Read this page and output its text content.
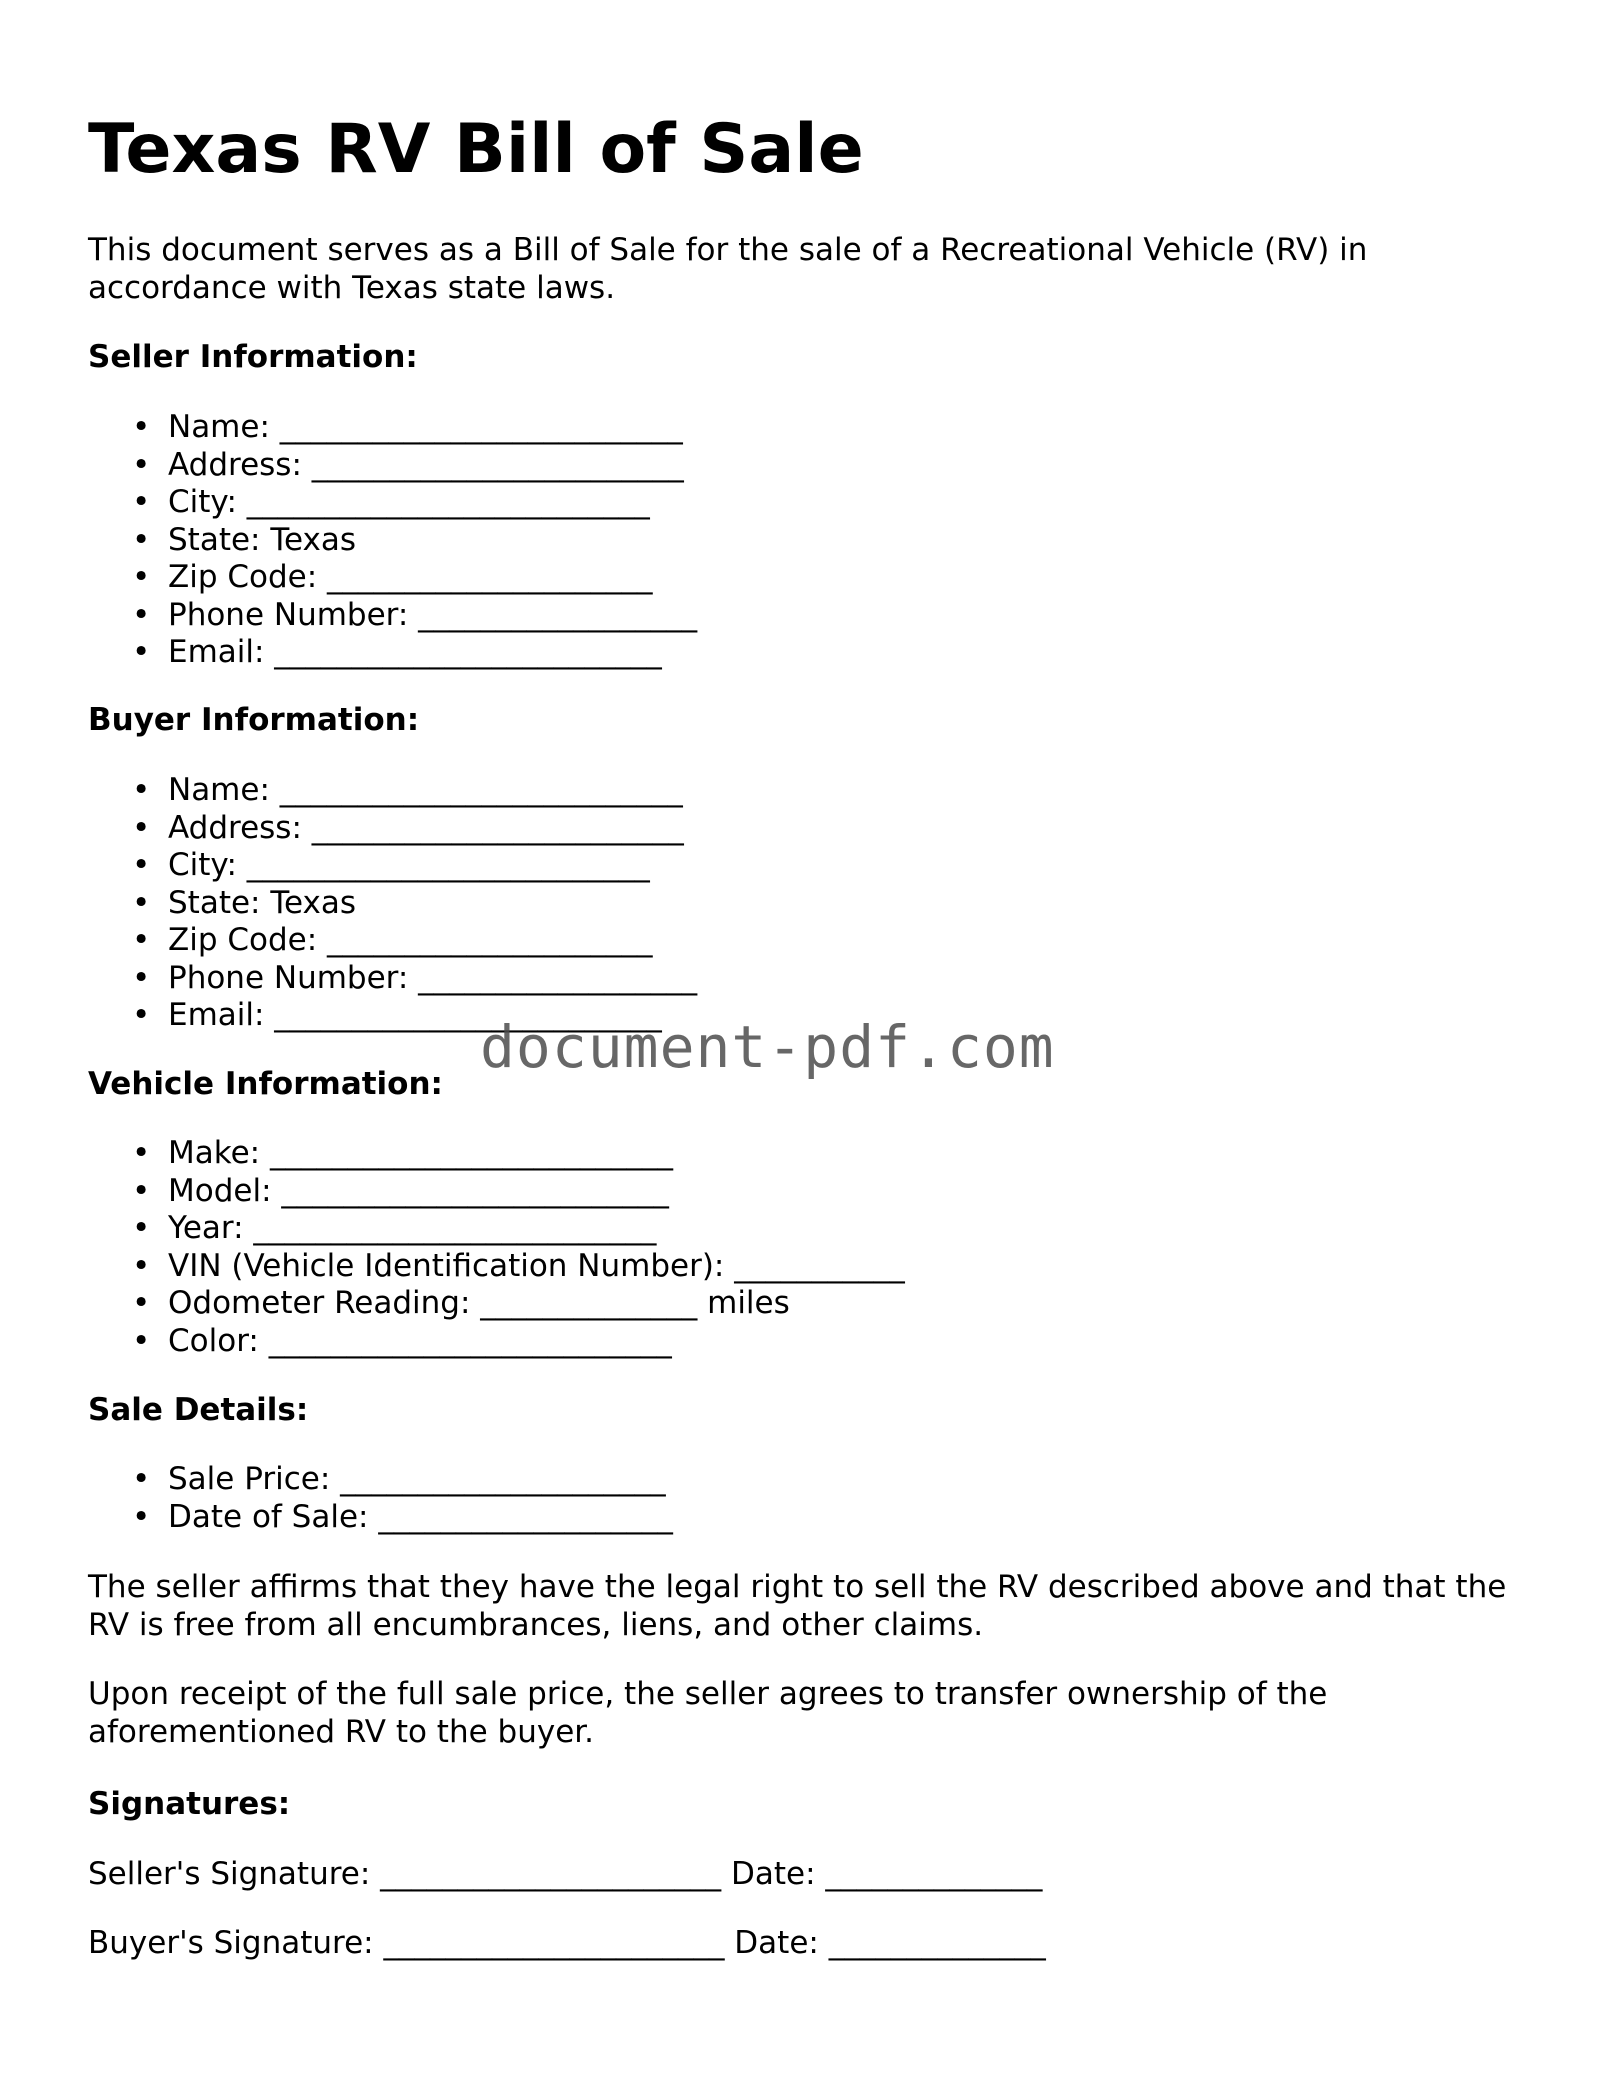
Texas RV Bill of Sale

This document serves as a Bill of Sale for the sale of a Recreational Vehicle (RV) in accordance with Texas state laws.

Seller Information:
• Name: __________________________
• Address: ________________________
• City: __________________________
• State: Texas
• Zip Code: _____________________
• Phone Number: __________________
• Email: _________________________
Buyer Information:
• Name: __________________________
• Address: ________________________
• City: __________________________
• State: Texas
• Zip Code: _____________________
• Phone Number: __________________
• Email: _________________________
Vehicle Information:
• Make: __________________________
• Model: _________________________
• Year: __________________________
• VIN (Vehicle Identification Number): ___________
• Odometer Reading: ______________ miles
• Color: __________________________
Sale Details:
• Sale Price: _____________________
• Date of Sale: ___________________

The seller affirms that they have the legal right to sell the RV described above and that the RV is free from all encumbrances, liens, and other claims.

Upon receipt of the full sale price, the seller agrees to transfer ownership of the aforementioned RV to the buyer.

Signatures:
Seller's Signature: ______________________ Date: ______________
Buyer's Signature: ______________________ Date: ______________
document-pdf.com
